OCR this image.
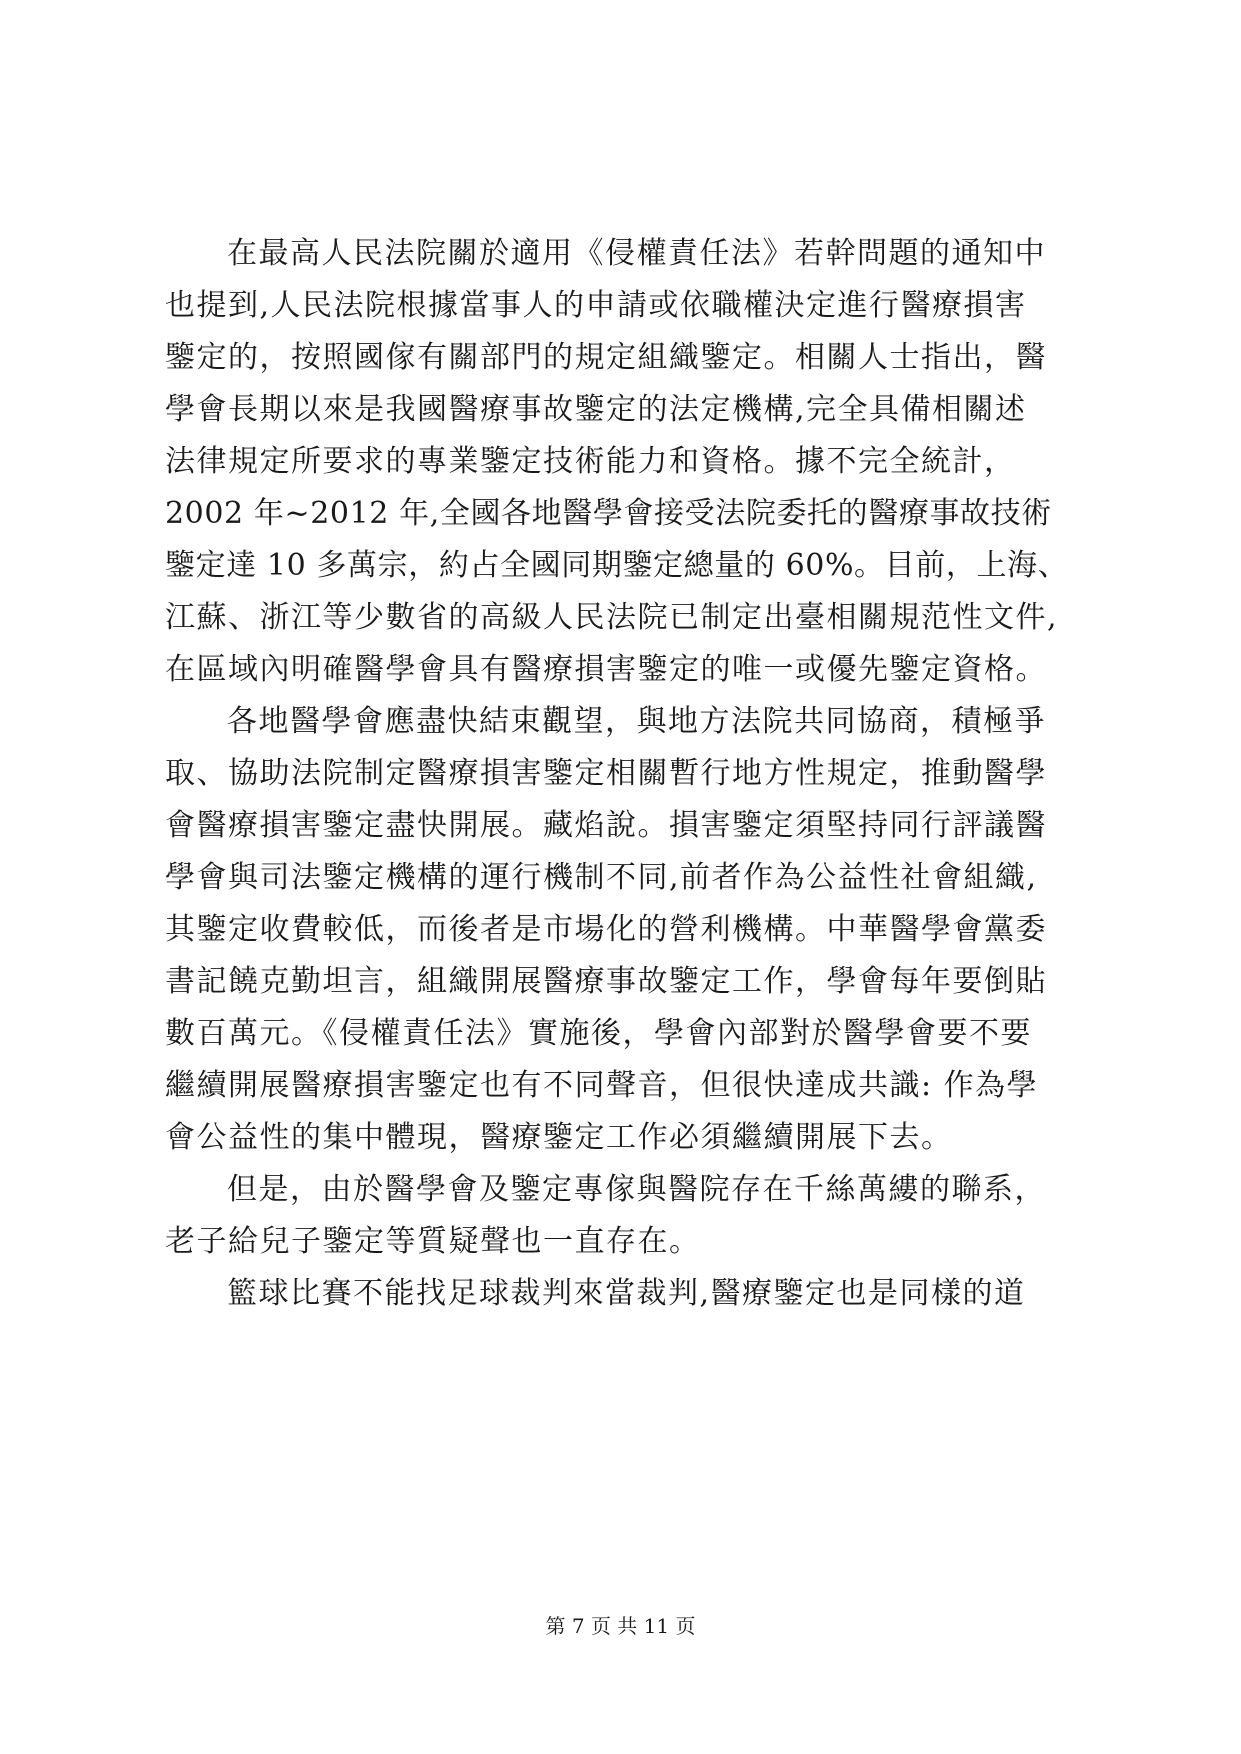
在最高人民法院關於適用《侵權責任法》若幹問題的通知中
也提到,人民法院根據當事人的申請或依職權決定進行醫療損害
鑒定的，按照國傢有關部門的規定組織鑒定。相關人士指出，醫
學會長期以來是我國醫療事故鑒定的法定機構,完全具備相關述
法律規定所要求的專業鑒定技術能力和資格。據不完全統計，
2002 年~2012 年,全國各地醫學會接受法院委托的醫療事故技術
鑒定達 10 多萬宗，約占全國同期鑒定總量的 60%。目前，上海、
江蘇、浙江等少數省的高級人民法院已制定出臺相關規范性文件,
在區域內明確醫學會具有醫療損害鑒定的唯一或優先鑒定資格。
各地醫學會應盡快結束觀望，與地方法院共同協商，積極爭
取、協助法院制定醫療損害鑒定相關暫行地方性規定，推動醫學
會醫療損害鑒定盡快開展。藏焰說。損害鑒定須堅持同行評議醫
學會與司法鑒定機構的運行機制不同,前者作為公益性社會組織,
其鑒定收費較低，而後者是市場化的營利機構。中華醫學會黨委
書記饒克勤坦言，組織開展醫療事故鑒定工作，學會每年要倒貼
數百萬元。《侵權責任法》實施後，學會內部對於醫學會要不要
繼續開展醫療損害鑒定也有不同聲音，但很快達成共識: 作為學
會公益性的集中體現，醫療鑒定工作必須繼續開展下去。
但是，由於醫學會及鑒定專傢與醫院存在千絲萬縷的聯系，
老子給兒子鑒定等質疑聲也一直存在。
籃球比賽不能找足球裁判來當裁判,醫療鑒定也是同樣的道
第 7 页 共 11 页
